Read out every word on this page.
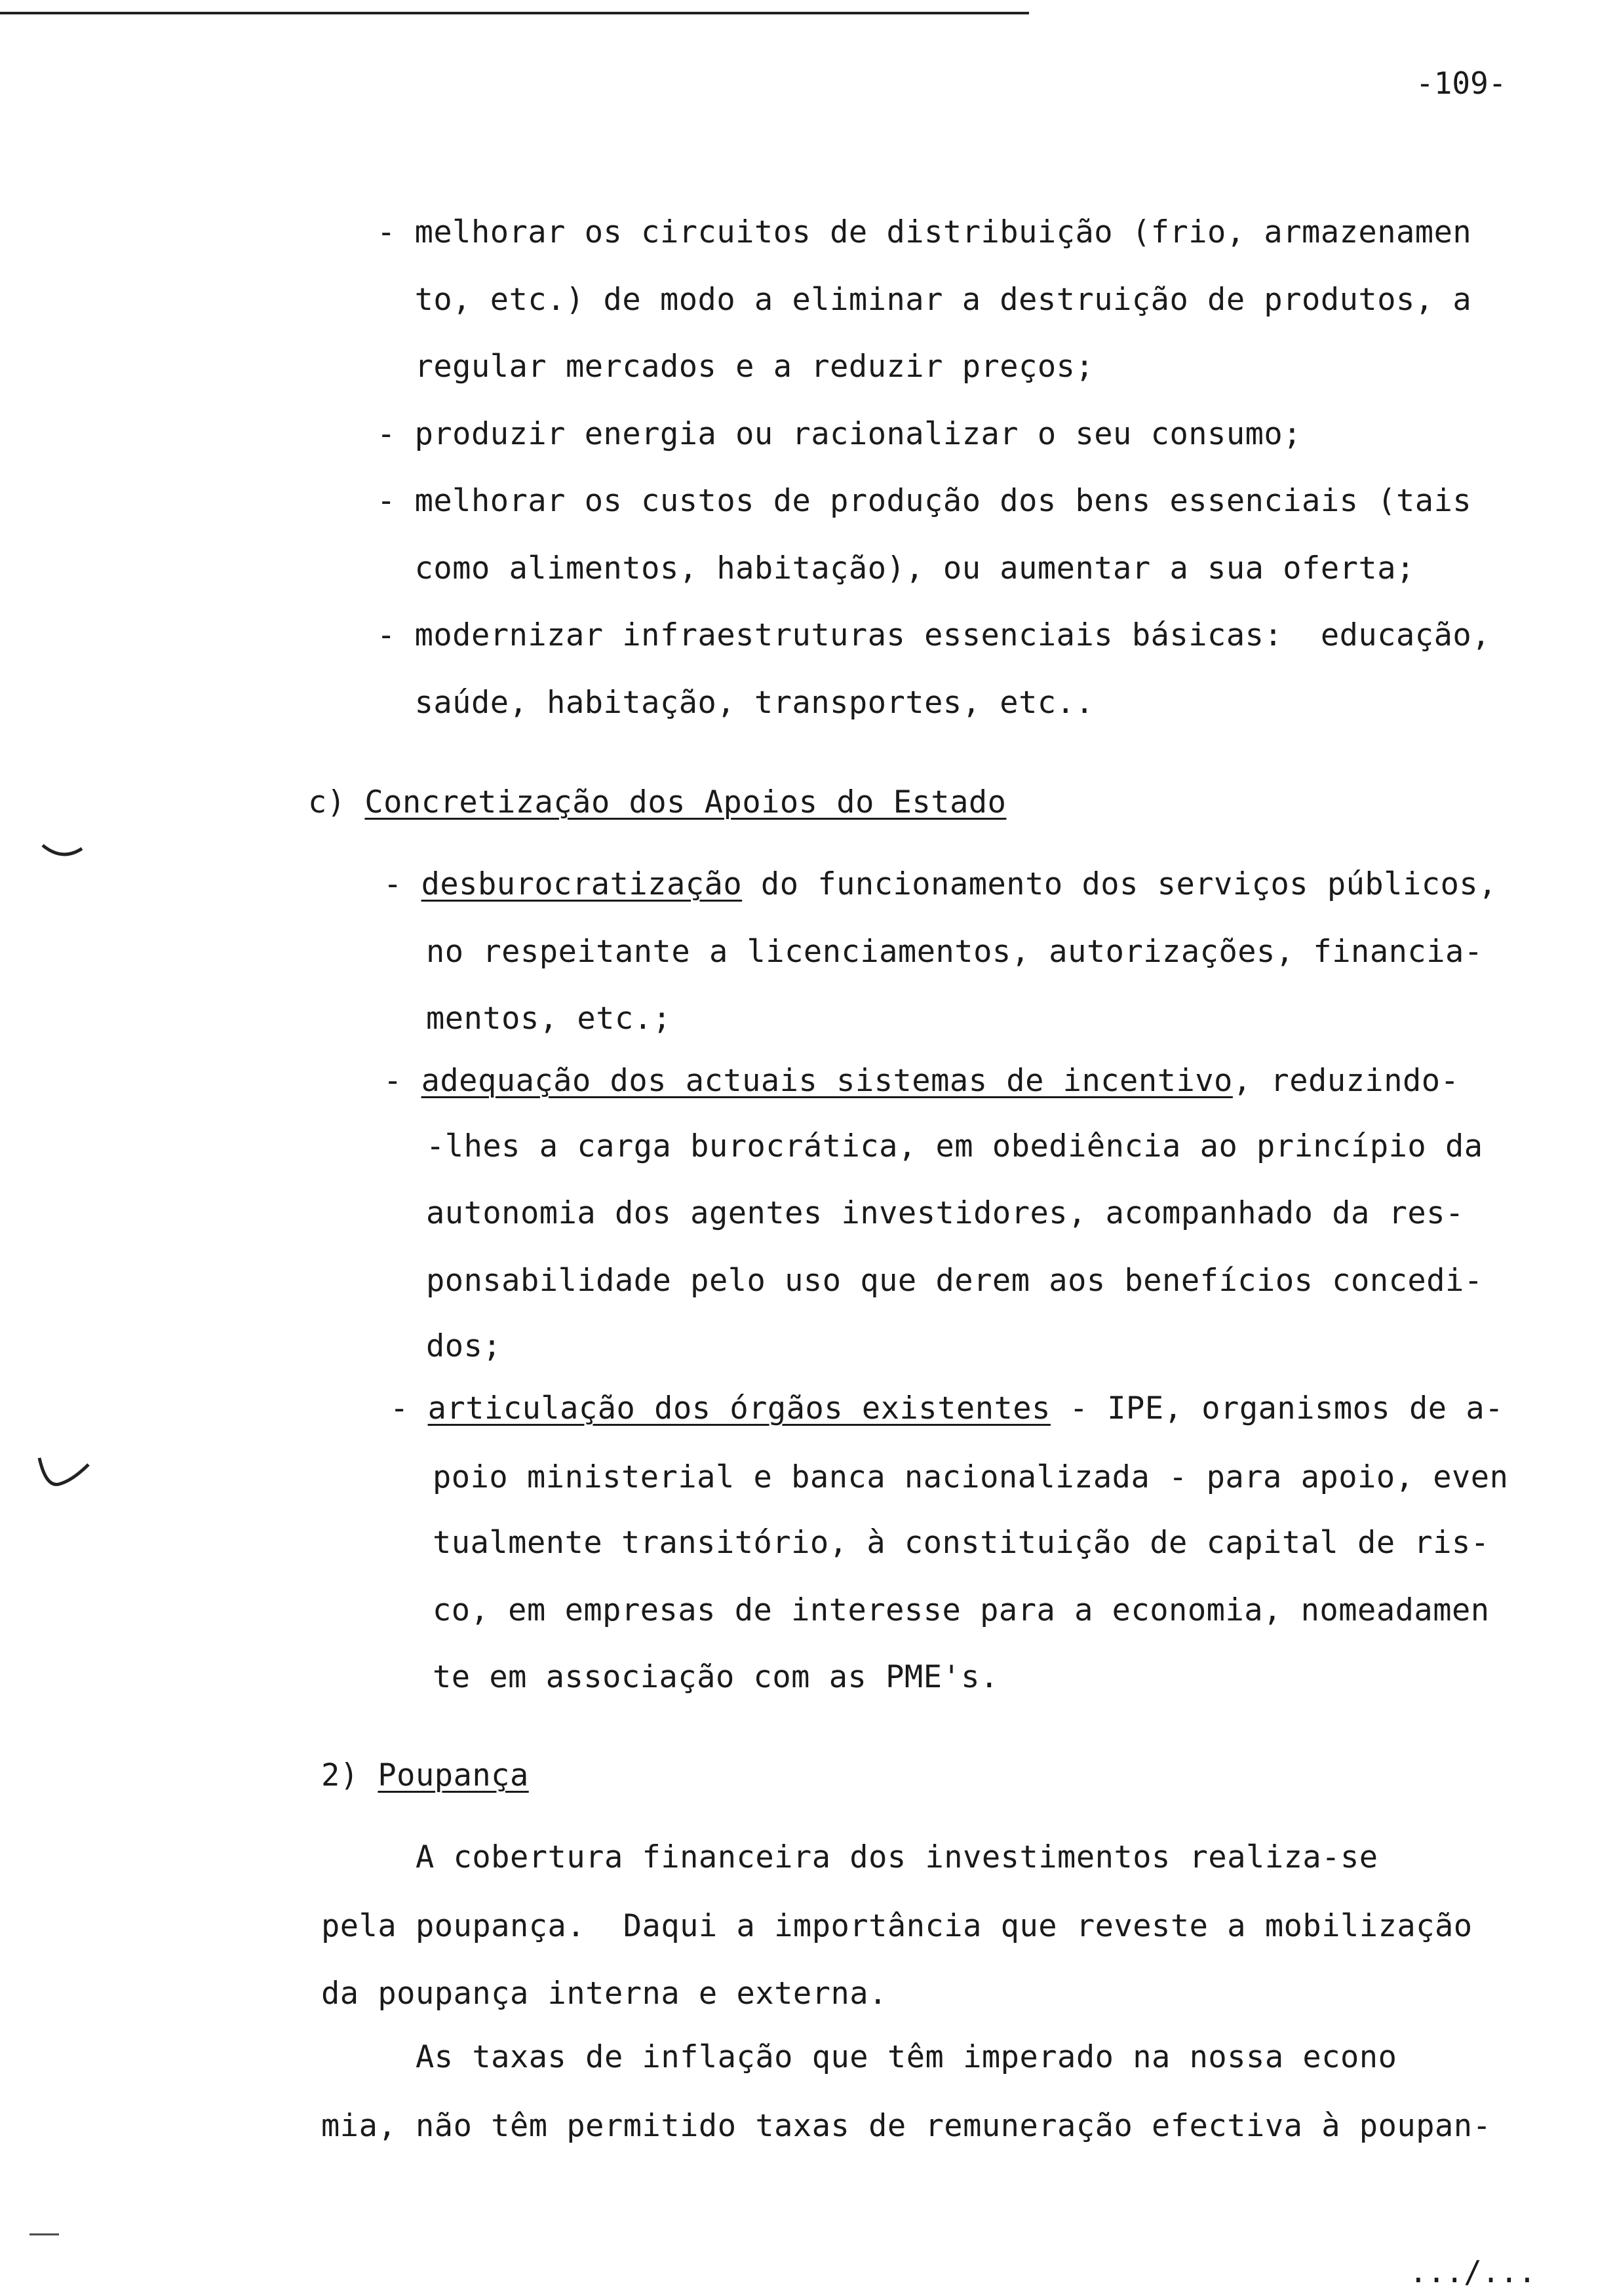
-109-
- melhorar os circuitos de distribuição (frio, armazenamen
to, etc.) de modo a eliminar a destruição de produtos, a
regular mercados e a reduzir preços;
- produzir energia ou racionalizar o seu consumo;
- melhorar os custos de produção dos bens essenciais (tais
como alimentos, habitação), ou aumentar a sua oferta;
- modernizar infraestruturas essenciais básicas:  educação,
saúde, habitação, transportes, etc..
c) Concretização dos Apoios do Estado
- desburocratização do funcionamento dos serviços públicos,
no respeitante a licenciamentos, autorizações, financia-
mentos, etc.;
- adequação dos actuais sistemas de incentivo, reduzindo-
-lhes a carga burocrática, em obediência ao princípio da
autonomia dos agentes investidores, acompanhado da res-
ponsabilidade pelo uso que derem aos benefícios concedi-
dos;
- articulação dos órgãos existentes - IPE, organismos de a-
poio ministerial e banca nacionalizada - para apoio, even
tualmente transitório, à constituição de capital de ris-
co, em empresas de interesse para a economia, nomeadamen
te em associação com as PME's.
2) Poupança
A cobertura financeira dos investimentos realiza-se
pela poupança.  Daqui a importância que reveste a mobilização
da poupança interna e externa.
As taxas de inflação que têm imperado na nossa econo
mia, não têm permitido taxas de remuneração efectiva à poupan-
.../...
